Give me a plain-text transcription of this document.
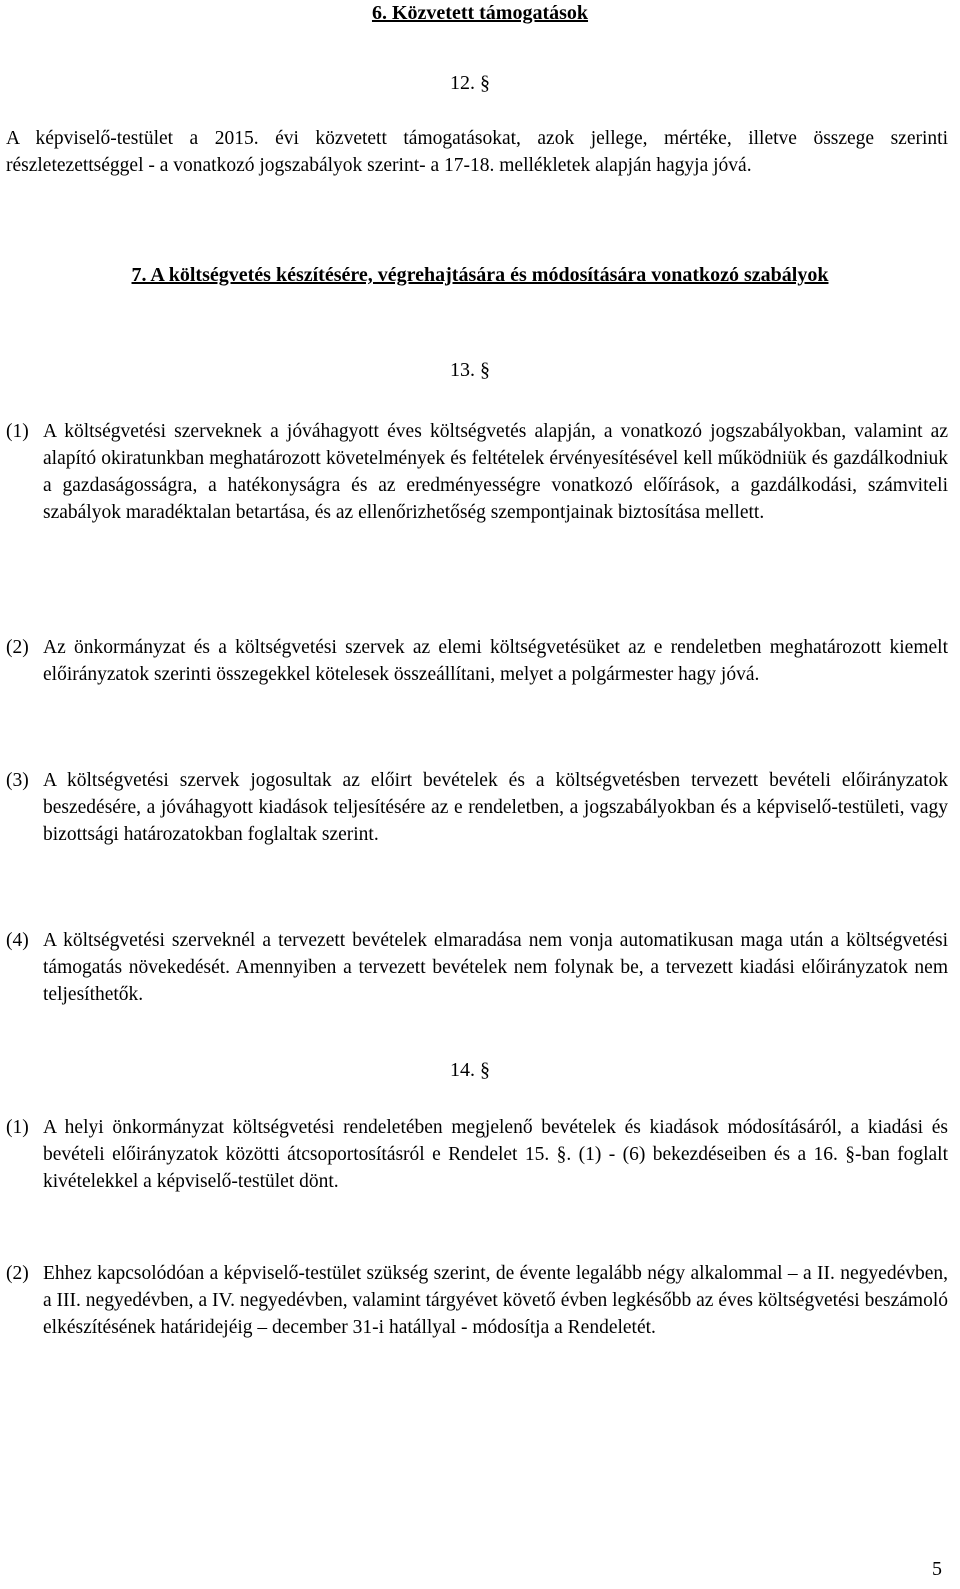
6. Közvetett támogatások
12. §
A képviselő-testület a 2015. évi közvetett támogatásokat, azok jellege, mértéke, illetve összege szerinti részletezettséggel - a vonatkozó jogszabályok szerint- a 17-18. mellékletek alapján hagyja jóvá.
7. A költségvetés készítésére, végrehajtására és módosítására vonatkozó szabályok
13. §
(1) A költségvetési szerveknek a jóváhagyott éves költségvetés alapján, a vonatkozó jogszabályokban, valamint az alapító okiratunkban meghatározott követelmények és feltételek érvényesítésével kell működniük és gazdálkodniuk a gazdaságosságra, a hatékonyságra és az eredményességre vonatkozó előírások, a gazdálkodási, számviteli szabályok maradéktalan betartása, és az ellenőrizhetőség szempontjainak biztosítása mellett.
(2) Az önkormányzat és a költségvetési szervek az elemi költségvetésüket az e rendeletben meghatározott kiemelt előirányzatok szerinti összegekkel kötelesek összeállítani, melyet a polgármester hagy jóvá.
(3) A költségvetési szervek jogosultak az előirt bevételek és a költségvetésben tervezett bevételi előirányzatok beszedésére, a jóváhagyott kiadások teljesítésére az e rendeletben, a jogszabályokban és a képviselő-testületi, vagy bizottsági határozatokban foglaltak szerint.
(4) A költségvetési szerveknél a tervezett bevételek elmaradása nem vonja automatikusan maga után a költségvetési támogatás növekedését. Amennyiben a tervezett bevételek nem folynak be, a tervezett kiadási előirányzatok nem teljesíthetők.
14. §
(1) A helyi önkormányzat költségvetési rendeletében megjelenő bevételek és kiadások módosításáról, a kiadási és bevételi előirányzatok közötti átcsoportosításról e Rendelet 15. §. (1) - (6) bekezdéseiben és a 16. §-ban foglalt kivételekkel a képviselő-testület dönt.
(2) Ehhez kapcsolódóan a képviselő-testület szükség szerint, de évente legalább négy alkalommal – a II. negyedévben, a III. negyedévben, a IV. negyedévben, valamint tárgyévet követő évben legkésőbb az éves költségvetési beszámoló elkészítésének határidejéig – december 31-i hatállyal - módosítja a Rendeletét.
5
